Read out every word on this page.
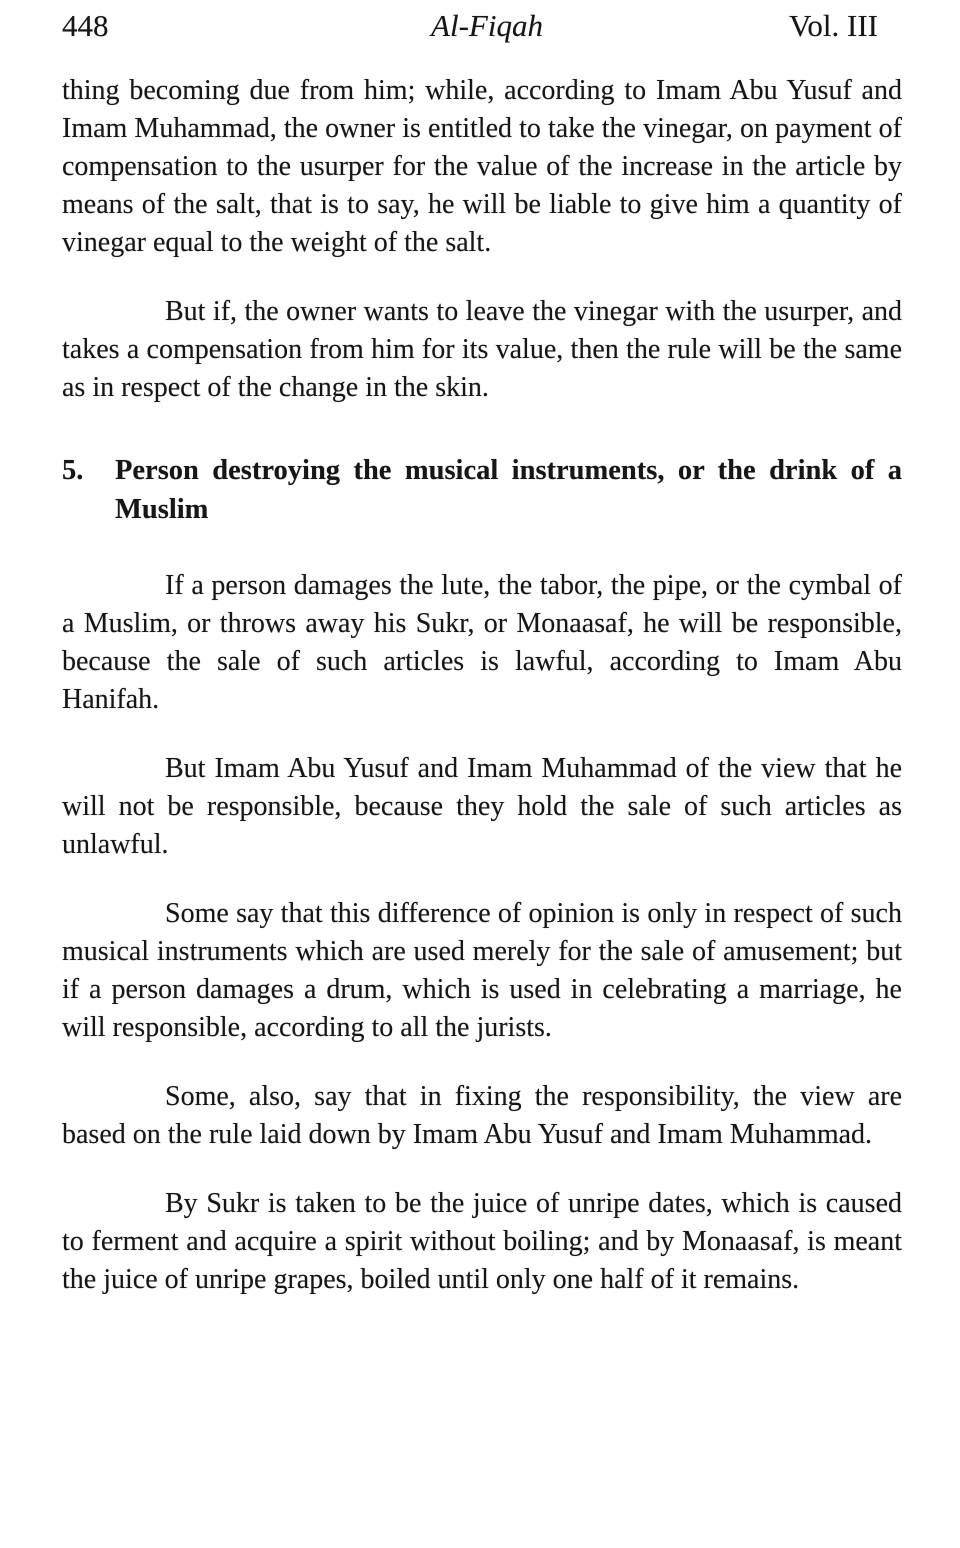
448	Al-Fiqah	Vol. III

thing becoming due from him; while, according to Imam Abu Yusuf and Imam Muhammad, the owner is entitled to take the vinegar, on payment of compensation to the usurper for the value of the increase in the article by means of the salt, that is to say, he will be liable to give him a quantity of vinegar equal to the weight of the salt.

But if, the owner wants to leave the vinegar with the usurper, and takes a compensation from him for its value, then the rule will be the same as in respect of the change in the skin.

5.	Person destroying the musical instruments, or the drink of a Muslim

If a person damages the lute, the tabor, the pipe, or the cymbal of a Muslim, or throws away his Sukr, or Monaasaf, he will be responsible, because the sale of such articles is lawful, according to Imam Abu Hanifah.

But Imam Abu Yusuf and Imam Muhammad of the view that he will not be responsible, because they hold the sale of such articles as unlawful.

Some say that this difference of opinion is only in respect of such musical instruments which are used merely for the sale of amusement; but if a person damages a drum, which is used in celebrating a marriage, he will responsible, according to all the jurists.

Some, also, say that in fixing the responsibility, the view are based on the rule laid down by Imam Abu Yusuf and Imam Muhammad.

By Sukr is taken to be the juice of unripe dates, which is caused to ferment and acquire a spirit without boiling; and by Monaasaf, is meant the juice of unripe grapes, boiled until only one half of it remains.
